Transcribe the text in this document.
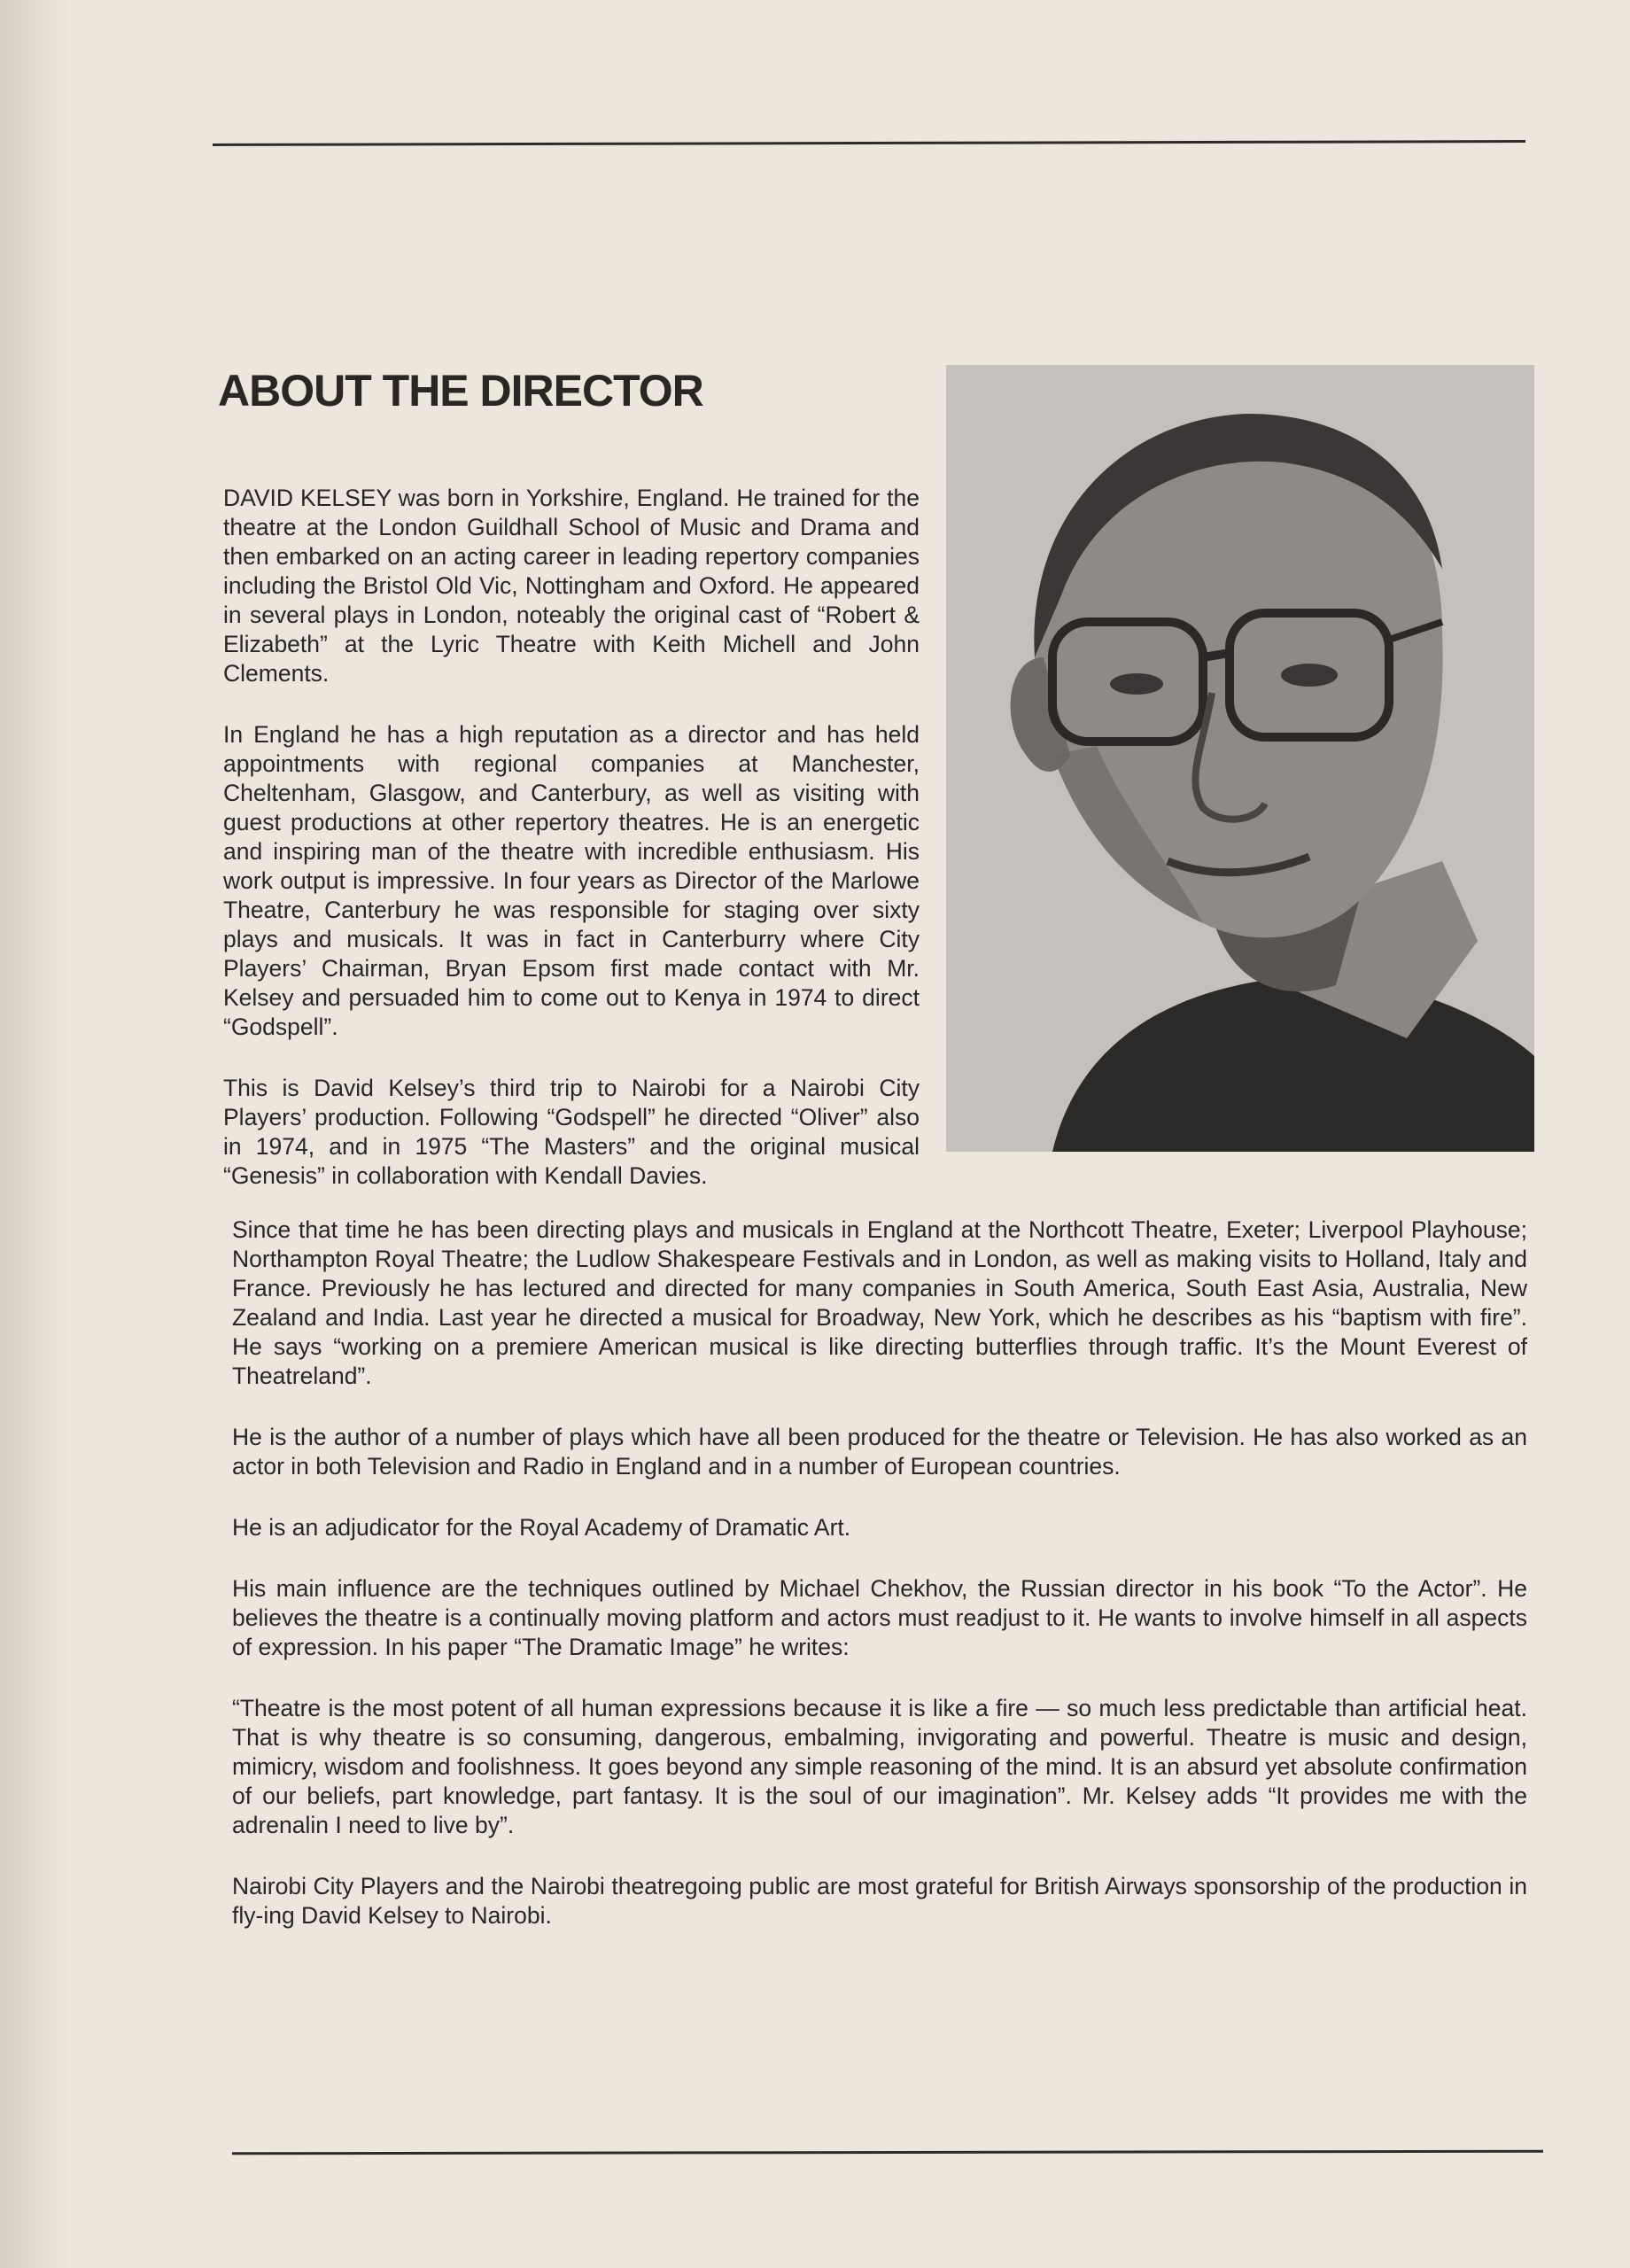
ABOUT THE DIRECTOR

DAVID KELSEY was born in Yorkshire, England. He trained for the theatre at the London Guildhall School of Music and Drama and then embarked on an acting career in leading repertory companies including the Bristol Old Vic, Nottingham and Oxford. He appeared in several plays in London, noteably the original cast of “Robert & Elizabeth” at the Lyric Theatre with Keith Michell and John Clements.

In England he has a high reputation as a director and has held appointments with regional companies at Manchester, Cheltenham, Glasgow, and Canterbury, as well as visiting with guest productions at other repertory theatres. He is an energetic and inspiring man of the theatre with incredible enthusiasm. His work output is impressive. In four years as Director of the Marlowe Theatre, Canterbury he was responsible for staging over sixty plays and musicals. It was in fact in Canterburry where City Players’ Chairman, Bryan Epsom first made contact with Mr. Kelsey and persuaded him to come out to Kenya in 1974 to direct “Godspell”.

This is David Kelsey’s third trip to Nairobi for a Nairobi City Players’ production. Following “Godspell” he directed “Oliver” also in 1974, and in 1975 “The Masters” and the original musical “Genesis” in collaboration with Kendall Davies.

Since that time he has been directing plays and musicals in England at the Northcott Theatre, Exeter; Liverpool Playhouse; Northampton Royal Theatre; the Ludlow Shakespeare Festivals and in London, as well as making visits to Holland, Italy and France. Previously he has lectured and directed for many companies in South America, South East Asia, Australia, New Zealand and India. Last year he directed a musical for Broadway, New York, which he describes as his “baptism with fire”. He says “working on a premiere American musical is like directing butterflies through traffic. It’s the Mount Everest of Theatreland”.

He is the author of a number of plays which have all been produced for the theatre or Television. He has also worked as an actor in both Television and Radio in England and in a number of European countries.

He is an adjudicator for the Royal Academy of Dramatic Art.

His main influence are the techniques outlined by Michael Chekhov, the Russian director in his book “To the Actor”. He believes the theatre is a continually moving platform and actors must readjust to it. He wants to involve himself in all aspects of expression. In his paper “The Dramatic Image” he writes:

“Theatre is the most potent of all human expressions because it is like a fire — so much less predictable than artificial heat. That is why theatre is so consuming, dangerous, embalming, invigorating and powerful. Theatre is music and design, mimicry, wisdom and foolishness. It goes beyond any simple reasoning of the mind. It is an absurd yet absolute confirmation of our beliefs, part knowledge, part fantasy. It is the soul of our imagination”. Mr. Kelsey adds “It provides me with the adrenalin I need to live by”.

Nairobi City Players and the Nairobi theatregoing public are most grateful for British Airways sponsorship of the production in fly-ing David Kelsey to Nairobi.
